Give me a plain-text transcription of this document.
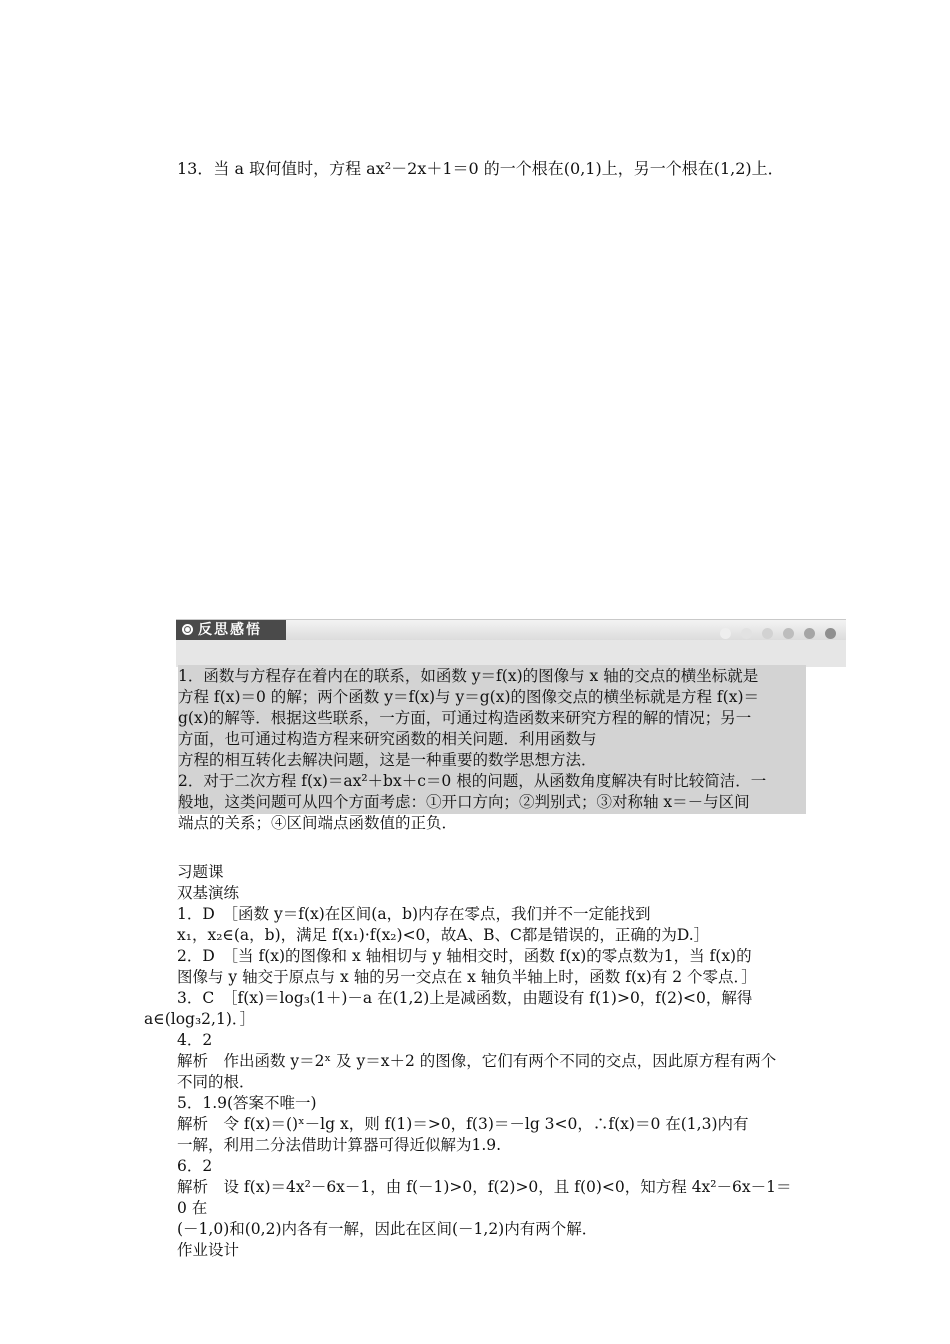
13．当 a 取何值时，方程 ax²－2x＋1＝0 的一个根在(0,1)上，另一个根在(1,2)上．
反思感悟
1．函数与方程存在着内在的联系，如函数 y＝f(x)的图像与 x 轴的交点的横坐标就是
方程 f(x)＝0 的解；两个函数 y＝f(x)与 y＝g(x)的图像交点的横坐标就是方程 f(x)＝
g(x)的解等．根据这些联系，一方面，可通过构造函数来研究方程的解的情况；另一
方面，也可通过构造方程来研究函数的相关问题．利用函数与
方程的相互转化去解决问题，这是一种重要的数学思想方法．
2．对于二次方程 f(x)＝ax²＋bx＋c＝0 根的问题，从函数角度解决有时比较简洁．一
般地，这类问题可从四个方面考虑：①开口方向；②判别式；③对称轴 x＝－与区间
端点的关系；④区间端点函数值的正负．
习题课
双基演练
1．D　［函数 y＝f(x)在区间(a，b)内存在零点，我们并不一定能找到
x₁，x₂∈(a，b)，满足 f(x₁)·f(x₂)<0，故A、B、C都是错误的，正确的为D.］
2．D　［当 f(x)的图像和 x 轴相切与 y 轴相交时，函数 f(x)的零点数为1，当 f(x)的
图像与 y 轴交于原点与 x 轴的另一交点在 x 轴负半轴上时，函数 f(x)有 2 个零点．］
3．C　［f(x)＝log₃(1＋)－a 在(1,2)上是减函数，由题设有 f(1)>0，f(2)<0，解得
a∈(log₃2,1)．］
4．2
解析　作出函数 y＝2ˣ 及 y＝x＋2 的图像，它们有两个不同的交点，因此原方程有两个
不同的根．
5．1.9(答案不唯一)
解析　令 f(x)＝()ˣ－lg x，则 f(1)＝>0，f(3)＝－lg 3<0，∴f(x)＝0 在(1,3)内有
一解，利用二分法借助计算器可得近似解为1.9.
6．2
解析　设 f(x)＝4x²－6x－1，由 f(－1)>0，f(2)>0，且 f(0)<0，知方程 4x²－6x－1＝
0 在
(－1,0)和(0,2)内各有一解，因此在区间(－1,2)内有两个解．
作业设计
